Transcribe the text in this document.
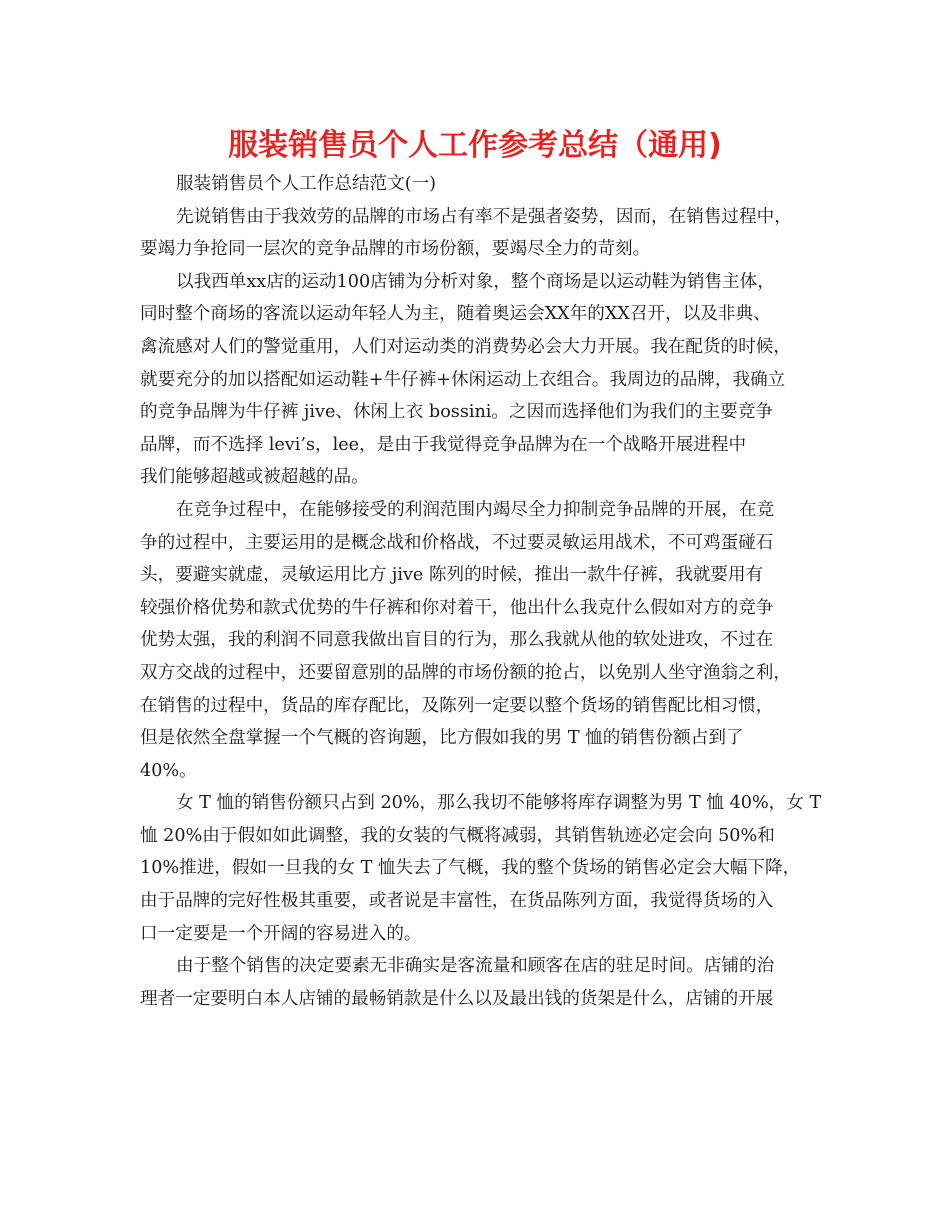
服装销售员个人工作参考总结（通用)

服装销售员个人工作总结范文(一)

先说销售由于我效劳的品牌的市场占有率不是强者姿势，因而，在销售过程中，
要竭力争抢同一层次的竞争品牌的市场份额，要竭尽全力的苛刻。

以我西单xx店的运动100店铺为分析对象，整个商场是以运动鞋为销售主体，
同时整个商场的客流以运动年轻人为主，随着奥运会XX年的XX召开，以及非典、
禽流感对人们的警觉重用，人们对运动类的消费势必会大力开展。我在配货的时候，
就要充分的加以搭配如运动鞋+牛仔裤+休闲运动上衣组合。我周边的品牌，我确立
的竞争品牌为牛仔裤 jive、休闲上衣 bossini。之因而选择他们为我们的主要竞争
品牌，而不选择 levi’s，lee，是由于我觉得竞争品牌为在一个战略开展进程中
我们能够超越或被超越的品。

在竞争过程中，在能够接受的利润范围内竭尽全力抑制竞争品牌的开展，在竞
争的过程中，主要运用的是概念战和价格战，不过要灵敏运用战术，不可鸡蛋碰石
头，要避实就虚，灵敏运用比方 jive 陈列的时候，推出一款牛仔裤，我就要用有
较强价格优势和款式优势的牛仔裤和你对着干，他出什么我克什么假如对方的竞争
优势太强，我的利润不同意我做出盲目的行为，那么我就从他的软处进攻，不过在
双方交战的过程中，还要留意别的品牌的市场份额的抢占，以免别人坐守渔翁之利，
在销售的过程中，货品的库存配比，及陈列一定要以整个货场的销售配比相习惯，
但是依然全盘掌握一个气概的咨询题，比方假如我的男 T 恤的销售份额占到了
40%。

女 T 恤的销售份额只占到 20%，那么我切不能够将库存调整为男 T 恤 40%，女 T
恤 20%由于假如如此调整，我的女装的气概将减弱，其销售轨迹必定会向 50%和
10%推进，假如一旦我的女 T 恤失去了气概，我的整个货场的销售必定会大幅下降，
由于品牌的完好性极其重要，或者说是丰富性，在货品陈列方面，我觉得货场的入
口一定要是一个开阔的容易进入的。

由于整个销售的决定要素无非确实是客流量和顾客在店的驻足时间。店铺的治
理者一定要明白本人店铺的最畅销款是什么以及最出钱的货架是什么，店铺的开展
